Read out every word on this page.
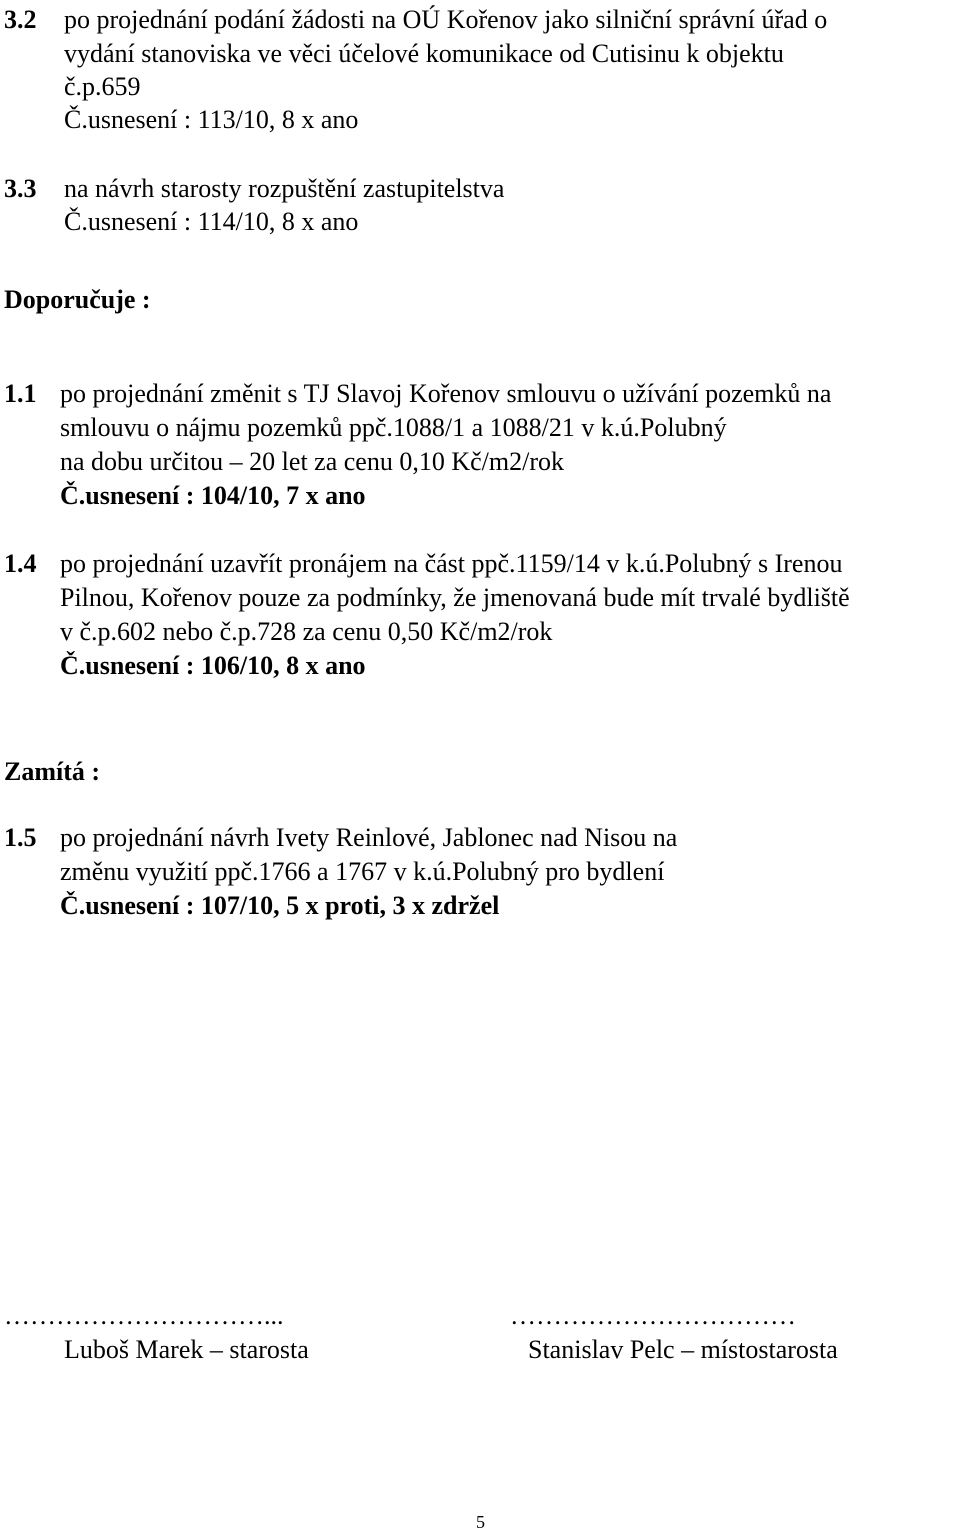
3.2 po projednání podání žádosti na OÚ Kořenov jako silniční správní úřad o
vydání stanoviska ve věci účelové komunikace od Cutisinu k objektu
č.p.659
Č.usnesení : 113/10, 8 x ano
3.3 na návrh starosty rozpuštění zastupitelstva
Č.usnesení : 114/10, 8 x ano
Doporučuje :
1.1 po projednání změnit s TJ Slavoj Kořenov smlouvu o užívání pozemků na
smlouvu o nájmu pozemků ppč.1088/1 a 1088/21 v k.ú.Polubný
na dobu určitou – 20 let za cenu 0,10 Kč/m2/rok
Č.usnesení : 104/10, 7 x ano
1.4 po projednání uzavřít pronájem na část ppč.1159/14 v k.ú.Polubný s Irenou
Pilnou, Kořenov pouze za podmínky, že jmenovaná bude mít trvalé bydliště
v č.p.602 nebo č.p.728 za cenu 0,50 Kč/m2/rok
Č.usnesení : 106/10, 8 x ano
Zamítá :
1.5 po projednání návrh Ivety Reinlové, Jablonec nad Nisou na
změnu využití ppč.1766 a 1767 v k.ú.Polubný pro bydlení
Č.usnesení : 107/10, 5 x proti, 3 x zdržel
…………………………...
Luboš Marek – starosta
……………………………
Stanislav Pelc – místostarosta
5
